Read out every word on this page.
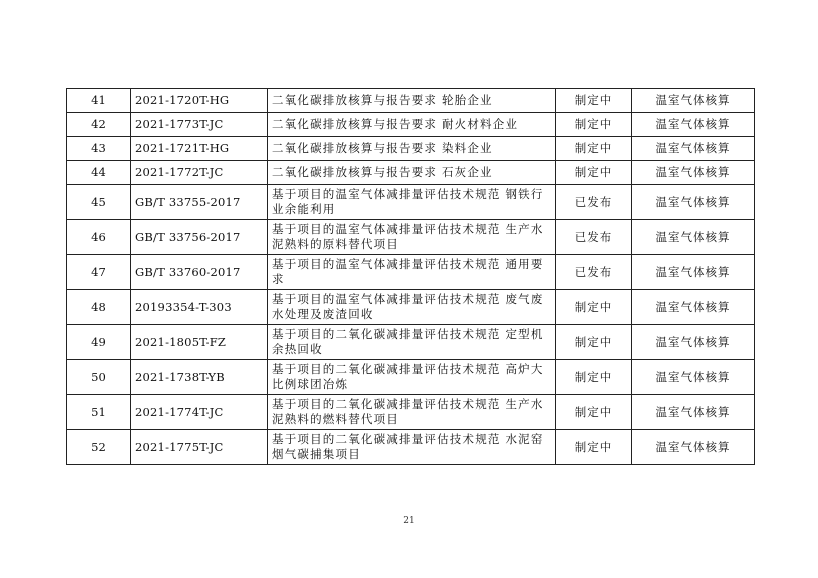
41	2021-1720T-HG	二氧化碳排放核算与报告要求 轮胎企业	制定中	温室气体核算
42	2021-1773T-JC	二氧化碳排放核算与报告要求 耐火材料企业	制定中	温室气体核算
43	2021-1721T-HG	二氧化碳排放核算与报告要求 染料企业	制定中	温室气体核算
44	2021-1772T-JC	二氧化碳排放核算与报告要求 石灰企业	制定中	温室气体核算
45	GB/T 33755-2017	基于项目的温室气体减排量评估技术规范 钢铁行业余能利用	已发布	温室气体核算
46	GB/T 33756-2017	基于项目的温室气体减排量评估技术规范 生产水泥熟料的原料替代项目	已发布	温室气体核算
47	GB/T 33760-2017	基于项目的温室气体减排量评估技术规范 通用要求	已发布	温室气体核算
48	20193354-T-303	基于项目的温室气体减排量评估技术规范 废气废水处理及废渣回收	制定中	温室气体核算
49	2021-1805T-FZ	基于项目的二氧化碳减排量评估技术规范 定型机余热回收	制定中	温室气体核算
50	2021-1738T-YB	基于项目的二氧化碳减排量评估技术规范 高炉大比例球团冶炼	制定中	温室气体核算
51	2021-1774T-JC	基于项目的二氧化碳减排量评估技术规范 生产水泥熟料的燃料替代项目	制定中	温室气体核算
52	2021-1775T-JC	基于项目的二氧化碳减排量评估技术规范 水泥窑烟气碳捕集项目	制定中	温室气体核算
21
